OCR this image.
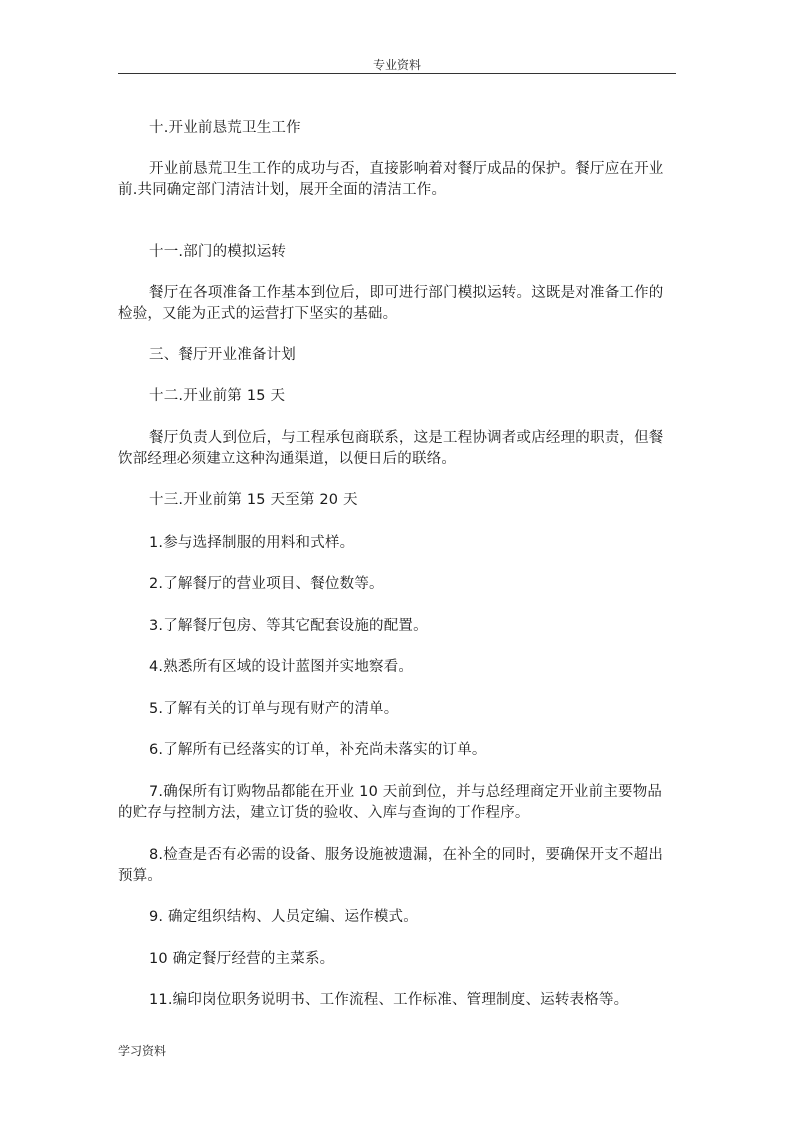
专业资料

十.开业前恳荒卫生工作

开业前恳荒卫生工作的成功与否，直接影响着对餐厅成品的保护。餐厅应在开业前.共同确定部门清洁计划，展开全面的清洁工作。

十一.部门的模拟运转

餐厅在各项准备工作基本到位后，即可进行部门模拟运转。这既是对准备工作的检验，又能为正式的运营打下坚实的基础。

三、餐厅开业准备计划

十二.开业前第 15 天

餐厅负责人到位后，与工程承包商联系，这是工程协调者或店经理的职责，但餐饮部经理必须建立这种沟通渠道，以便日后的联络。

十三.开业前第 15 天至第 20 天

1.参与选择制服的用料和式样。

2.了解餐厅的营业项目、餐位数等。

3.了解餐厅包房、等其它配套设施的配置。

4.熟悉所有区域的设计蓝图并实地察看。

5.了解有关的订单与现有财产的清单。

6.了解所有已经落实的订单，补充尚未落实的订单。

7.确保所有订购物品都能在开业 10 天前到位，并与总经理商定开业前主要物品的贮存与控制方法，建立订货的验收、入库与查询的丁作程序。

8.检查是否有必需的设备、服务设施被遗漏，在补全的同时，要确保开支不超出预算。

9. 确定组织结构、人员定编、运作模式。

10 确定餐厅经营的主菜系。

11.编印岗位职务说明书、工作流程、工作标准、管理制度、运转表格等。

学习资料
